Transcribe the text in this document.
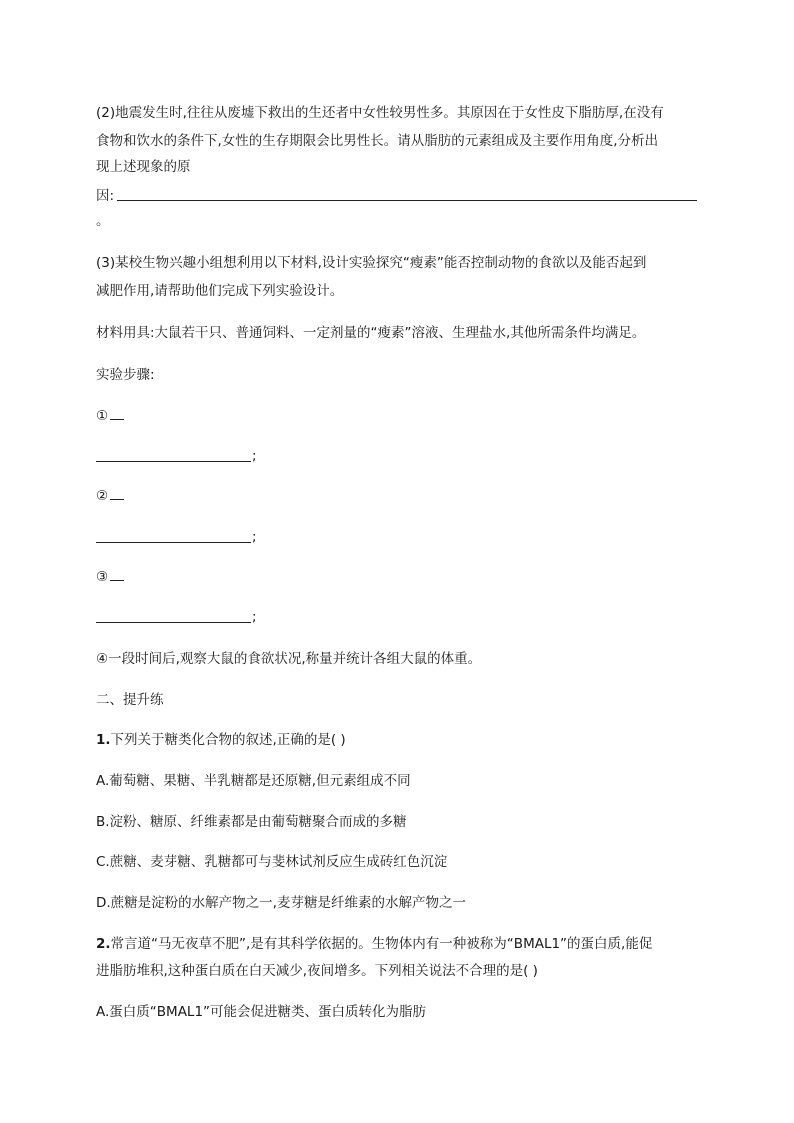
(2)地震发生时,往往从废墟下救出的生还者中女性较男性多。其原因在于女性皮下脂肪厚,在没有
食物和饮水的条件下,女性的生存期限会比男性长。请从脂肪的元素组成及主要作用角度,分析出
现上述现象的原
因:
。
(3)某校生物兴趣小组想利用以下材料,设计实验探究“瘦素”能否控制动物的食欲以及能否起到
减肥作用,请帮助他们完成下列实验设计。
材料用具:大鼠若干只、普通饲料、一定剂量的“瘦素”溶液、生理盐水,其他所需条件均满足。
实验步骤:
①
;
②
;
③
;
④一段时间后,观察大鼠的食欲状况,称量并统计各组大鼠的体重。
二、提升练
1.下列关于糖类化合物的叙述,正确的是( )
A.葡萄糖、果糖、半乳糖都是还原糖,但元素组成不同
B.淀粉、糖原、纤维素都是由葡萄糖聚合而成的多糖
C.蔗糖、麦芽糖、乳糖都可与斐林试剂反应生成砖红色沉淀
D.蔗糖是淀粉的水解产物之一,麦芽糖是纤维素的水解产物之一
2.常言道“马无夜草不肥”,是有其科学依据的。生物体内有一种被称为“BMAL1”的蛋白质,能促
进脂肪堆积,这种蛋白质在白天减少,夜间增多。下列相关说法不合理的是( )
A.蛋白质“BMAL1”可能会促进糖类、蛋白质转化为脂肪
